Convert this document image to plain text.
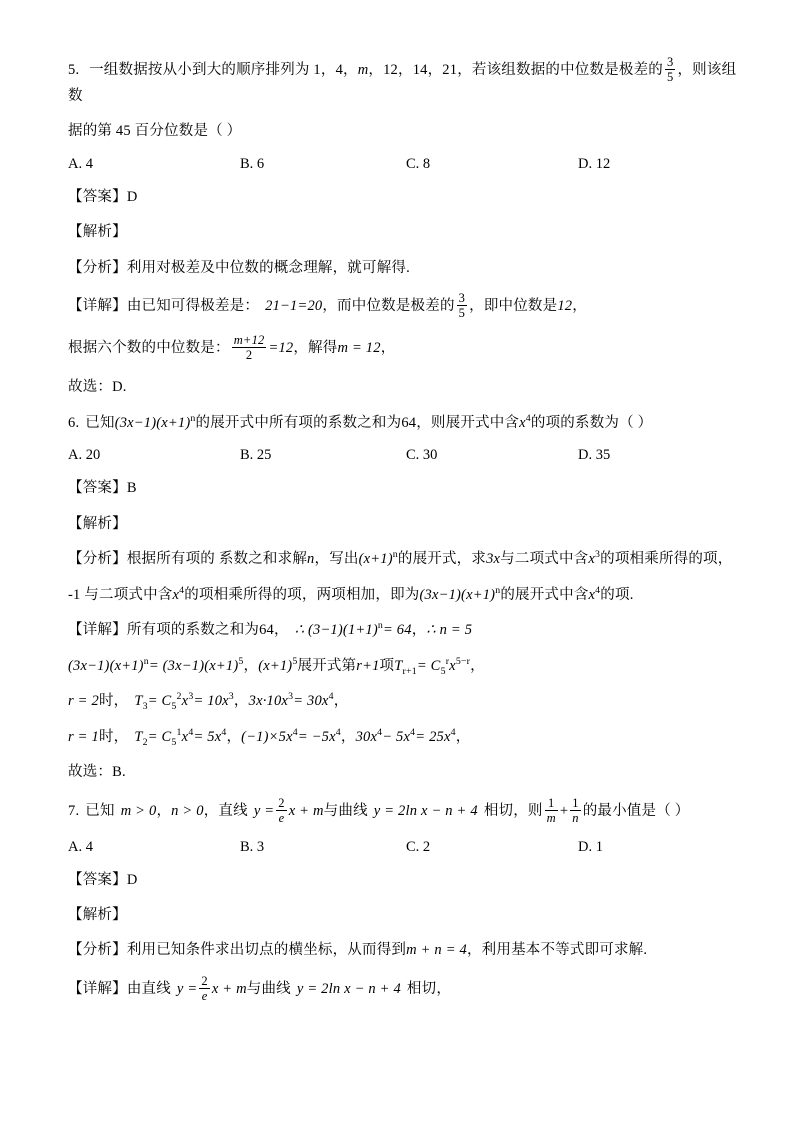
5. 一组数据按从小到大的顺序排列为 1，4，m，12，14，21，若该组数据的中位数是极差的 $\frac{3}{5}$ ，则该组数
据的第 45 百分位数是（ ）
A. 4	B. 6	C. 8	D. 12
【答案】D
【解析】
【分析】利用对极差及中位数的概念理解，就可解得.
【详解】由已知可得极差是： 21−1=20，而中位数是极差的 $\frac{3}{5}$ ，即中位数是12，
根据六个数的中位数是： $\frac{m+12}{2} =12$，解得m = 12，
故选：D.
6. 已知$(3x-1)(x+1)^n$的展开式中所有项的系数之和为64，则展开式中含$x^4$的项的系数为（ ）
A. 20	B. 25	C. 30	D. 35
【答案】B
【解析】
【分析】根据所有项的 系数之和求解n，写出$(x+1)^n$的展开式，求3x与二项式中含$x^3$的项相乘所得的项，
-1 与二项式中含$x^4$的项相乘所得的项，两项相加，即为$(3x-1)(x+1)^n$的展开式中含$x^4$的项.
【详解】所有项的系数之和为64， ∴ $(3-1)(1+1)^n= 64$，∴ n = 5
$(3x-1)(x+1)^n= (3x-1)(x+1)^5$，$(x+1)^5$展开式第r+1项$T_{r+1}= C_5^rx^{5-r}$，
r = 2时， $T_3= C_5^2x^3= 10x^3$，$3x\cdot 10x^3= 30x^4$，
r = 1时， $T_2= C_5^1x^4= 5x^4$，$(-1)\times 5x^4= -5x^4$，$30x^4- 5x^4= 25x^4$，
故选：B.
7. 已知 m > 0，n > 0，直线 $y = \frac{2}{e}$ x + m与曲线 y = 2ln x − n + 4 相切，则 $\frac{1}{m} + \frac{1}{n}$ 的最小值是（ ）
A. 4	B. 3	C. 2	D. 1
【答案】D
【解析】
【分析】利用已知条件求出切点的横坐标，从而得到m + n = 4，利用基本不等式即可求解.
【详解】由直线 $y = \frac{2}{e}$ x + m与曲线 y = 2ln x − n + 4 相切，
